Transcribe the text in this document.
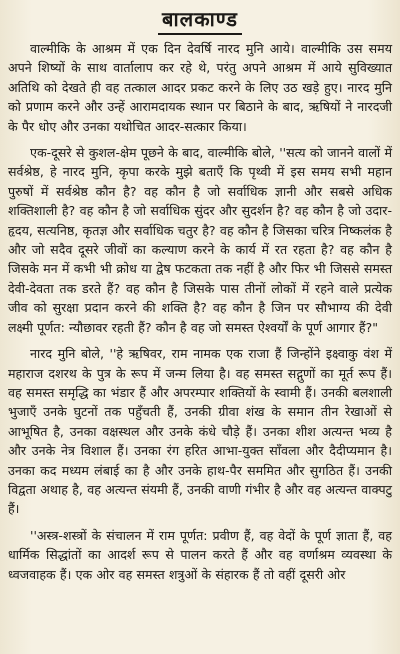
बालकाण्ड

वाल्मीकि के आश्रम में एक दिन देवर्षि नारद मुनि आये। वाल्मीकि उस समय अपने शिष्यों के साथ वार्तालाप कर रहे थे, परंतु अपने आश्रम में आये सुविख्यात अतिथि को देखते ही वह तत्काल आदर प्रकट करने के लिए उठ खड़े हुए। नारद मुनि को प्रणाम करने और उन्हें आरामदायक स्थान पर बिठाने के बाद, ऋषियों ने नारदजी के पैर धोए और उनका यथोचित आदर-सत्कार किया।

एक-दूसरे से कुशल-क्षेम पूछने के बाद, वाल्मीकि बोले, ''सत्य को जानने वालों में सर्वश्रेष्ठ, हे नारद मुनि, कृपा करके मुझे बताएँ कि पृथ्वी में इस समय सभी महान पुरुषों में सर्वश्रेष्ठ कौन है? वह कौन है जो सर्वाधिक ज्ञानी और सबसे अधिक शक्तिशाली है? वह कौन है जो सर्वाधिक सुंदर और सुदर्शन है? वह कौन है जो उदार-हृदय, सत्यनिष्ठ, कृतज्ञ और सर्वाधिक चतुर है? वह कौन है जिसका चरित्र निष्कलंक है और जो सदैव दूसरे जीवों का कल्याण करने के कार्य में रत रहता है? वह कौन है जिसके मन में कभी भी क्रोध या द्वेष फटकता तक नहीं है और फिर भी जिससे समस्त देवी-देवता तक डरते हैं? वह कौन है जिसके पास तीनों लोकों में रहने वाले प्रत्येक जीव को सुरक्षा प्रदान करने की शक्ति है? वह कौन है जिन पर सौभाग्य की देवी लक्ष्मी पूर्णत: न्यौछावर रहती हैं? कौन है वह जो समस्त ऐश्वर्यों के पूर्ण आगार हैं?"

नारद मुनि बोले, ''हे ऋषिवर, राम नामक एक राजा हैं जिन्होंने इक्ष्वाकु वंश में महाराज दशरथ के पुत्र के रूप में जन्म लिया है। वह समस्त सद्गुणों का मूर्त रूप हैं। वह समस्त समृद्धि का भंडार हैं और अपरम्पार शक्तियों के स्वामी हैं। उनकी बलशाली भुजाएँ उनके घुटनों तक पहुँचती हैं, उनकी ग्रीवा शंख के समान तीन रेखाओं से आभूषित है, उनका वक्षस्थल और उनके कंधे चौड़े हैं। उनका शीश अत्यन्त भव्य है और उनके नेत्र विशाल हैं। उनका रंग हरित आभा-युक्त साँवला और दैदीप्यमान है। उनका कद मध्यम लंबाई का है और उनके हाथ-पैर सममित और सुगठित हैं। उनकी विद्वता अथाह है, वह अत्यन्त संयमी हैं, उनकी वाणी गंभीर है और वह अत्यन्त वाक्पटु हैं।

''अस्त्र-शस्त्रों के संचालन में राम पूर्णत: प्रवीण हैं, वह वेदों के पूर्ण ज्ञाता हैं, वह धार्मिक सिद्धांतों का आदर्श रूप से पालन करते हैं और वह वर्णाश्रम व्यवस्था के ध्वजवाहक हैं। एक ओर वह समस्त शत्रुओं के संहारक हैं तो वहीं दूसरी ओर
